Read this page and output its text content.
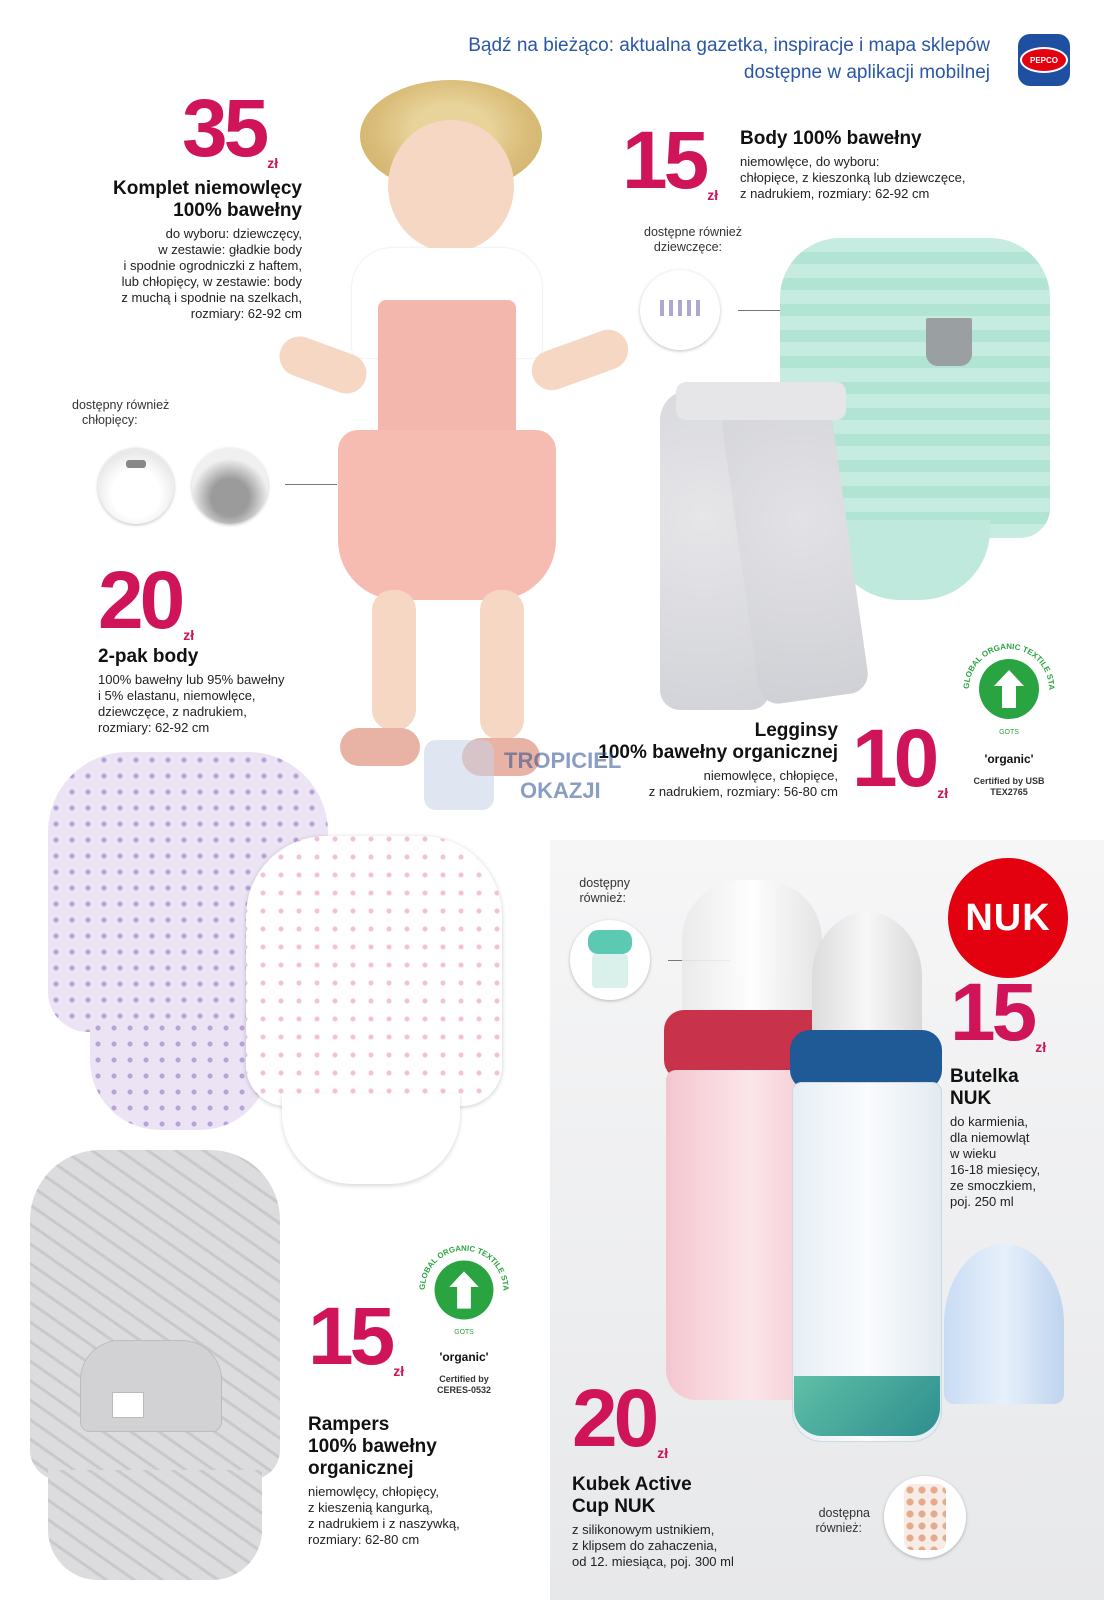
Bądź na bieżąco: aktualna gazetka, inspiracje i mapa sklepów
dostępne w aplikacji mobilnej
PEPCO
35 zł
Komplet niemowlęcy
100% bawełny
do wyboru: dziewczęcy,
w zestawie: gładkie body
i spodnie ogrodniczki z haftem,
lub chłopięcy, w zestawie: body
z muchą i spodnie na szelkach,
rozmiary: 62-92 cm
dostępny również
chłopięcy:
15 zł
Body 100% bawełny
niemowlęce, do wyboru:
chłopięce, z kieszonką lub dziewczęce,
z nadrukiem, rozmiary: 62-92 cm
dostępne również
dziewczęce:
20 zł
2-pak body
100% bawełny lub 95% bawełny
i 5% elastanu, niemowlęce,
dziewczęce, z nadrukiem,
rozmiary: 62-92 cm	Legginsy
100% bawełny organicznej
niemowlęce, chłopięce,
z nadrukiem, rozmiary: 56-80 cm 10 zł
GLOBAL ORGANIC TEXTILE STA
GOTS
'organic'
Certified by USB
TEX2765
TROPICIEL
OKAZJI
15 zł
GLOBAL ORGANIC TEXTILE STA
GOTS
'organic'
Certified by
CERES-0532
Rampers
100% bawełny
organicznej
niemowlęcy, chłopięcy,
z kieszenią kangurką,
z nadrukiem i z naszywką,
rozmiary: 62-80 cm
NUK
dostępny
również:
15 zł
Butelka
NUK
do karmienia,
dla niemowląt
w wieku
16-18 miesięcy,
ze smoczkiem,
poj. 250 ml
20 zł
Kubek Active
Cup NUK
z silikonowym ustnikiem,
z klipsem do zahaczenia,
od 12. miesiąca, poj. 300 ml
dostępna
również:
